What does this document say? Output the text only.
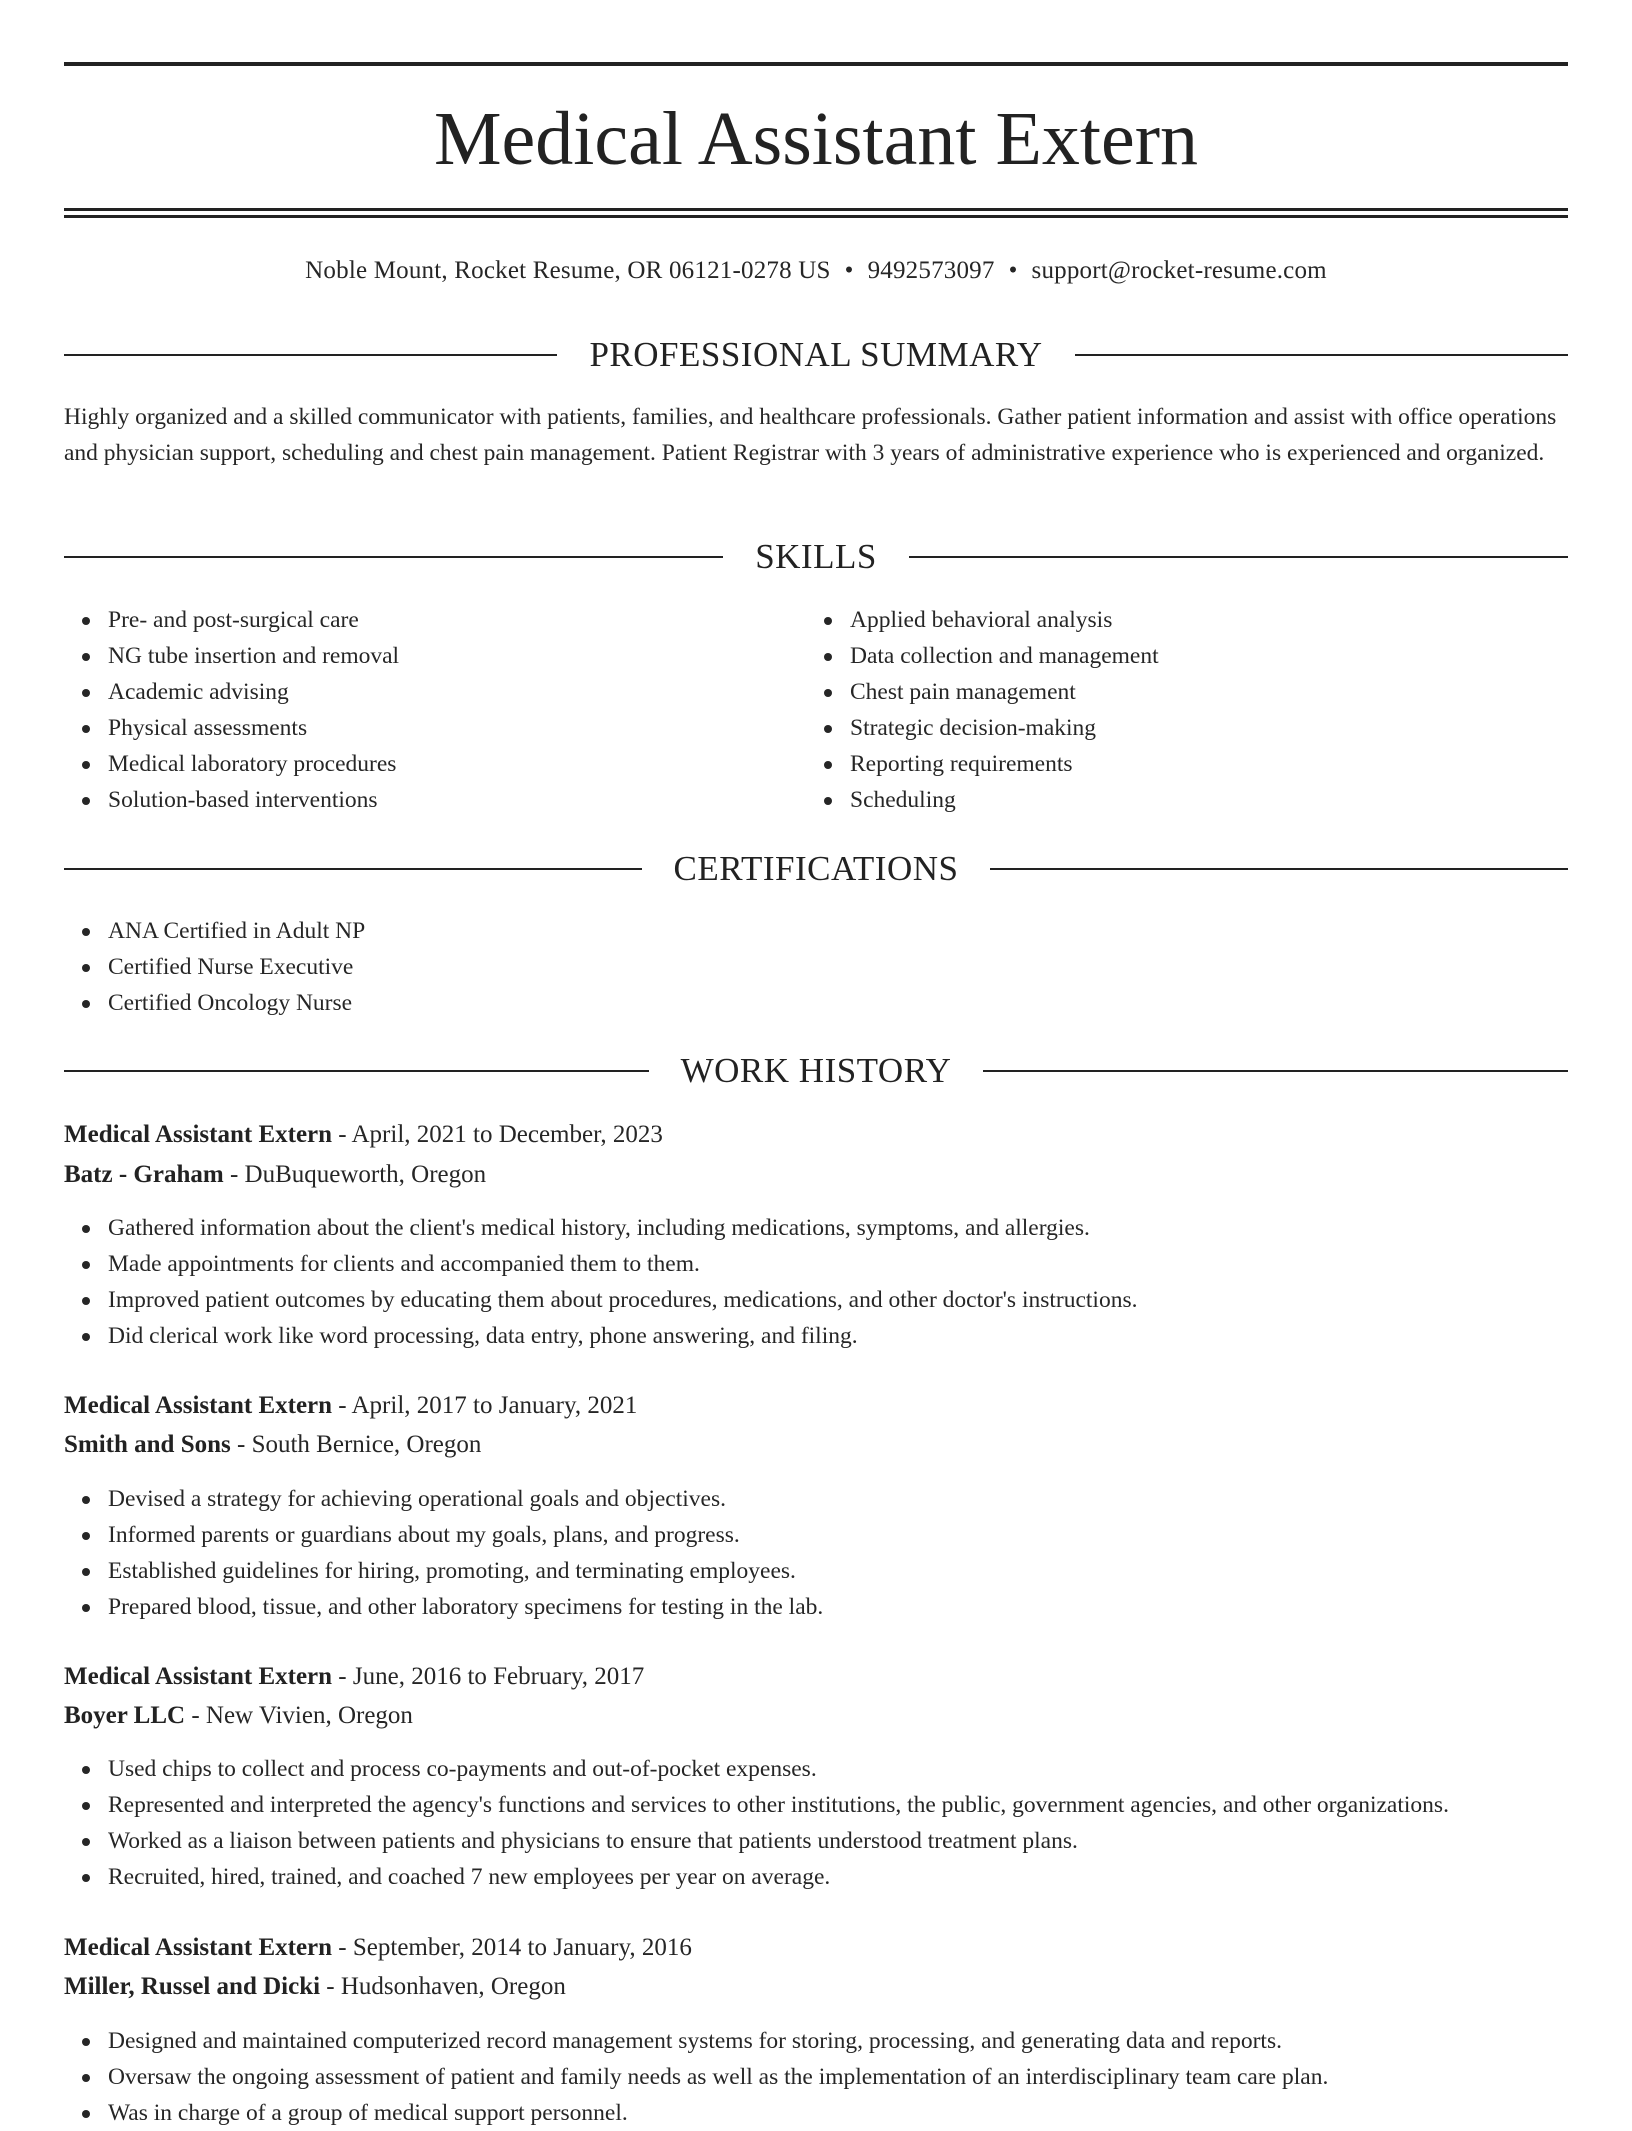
Medical Assistant Extern
Noble Mount, Rocket Resume, OR 06121-0278 US • 9492573097 • support@rocket-resume.com
PROFESSIONAL SUMMARY

Highly organized and a skilled communicator with patients, families, and healthcare professionals. Gather patient information and assist with office operations and physician support, scheduling and chest pain management. Patient Registrar with 3 years of administrative experience who is experienced and organized.

SKILLS
Pre- and post-surgical care
NG tube insertion and removal
Academic advising
Physical assessments
Medical laboratory procedures
Solution-based interventions
Applied behavioral analysis
Data collection and management
Chest pain management
Strategic decision-making
Reporting requirements
Scheduling
CERTIFICATIONS
ANA Certified in Adult NP
Certified Nurse Executive
Certified Oncology Nurse
WORK HISTORY
Medical Assistant Extern - April, 2021 to December, 2023
Batz - Graham - DuBuqueworth, Oregon
Gathered information about the client's medical history, including medications, symptoms, and allergies.
Made appointments for clients and accompanied them to them.
Improved patient outcomes by educating them about procedures, medications, and other doctor's instructions.
Did clerical work like word processing, data entry, phone answering, and filing.
Medical Assistant Extern - April, 2017 to January, 2021
Smith and Sons - South Bernice, Oregon
Devised a strategy for achieving operational goals and objectives.
Informed parents or guardians about my goals, plans, and progress.
Established guidelines for hiring, promoting, and terminating employees.
Prepared blood, tissue, and other laboratory specimens for testing in the lab.
Medical Assistant Extern - June, 2016 to February, 2017
Boyer LLC - New Vivien, Oregon
Used chips to collect and process co-payments and out-of-pocket expenses.
Represented and interpreted the agency's functions and services to other institutions, the public, government agencies, and other organizations.
Worked as a liaison between patients and physicians to ensure that patients understood treatment plans.
Recruited, hired, trained, and coached 7 new employees per year on average.
Medical Assistant Extern - September, 2014 to January, 2016
Miller, Russel and Dicki - Hudsonhaven, Oregon
Designed and maintained computerized record management systems for storing, processing, and generating data and reports.
Oversaw the ongoing assessment of patient and family needs as well as the implementation of an interdisciplinary team care plan.
Was in charge of a group of medical support personnel.
